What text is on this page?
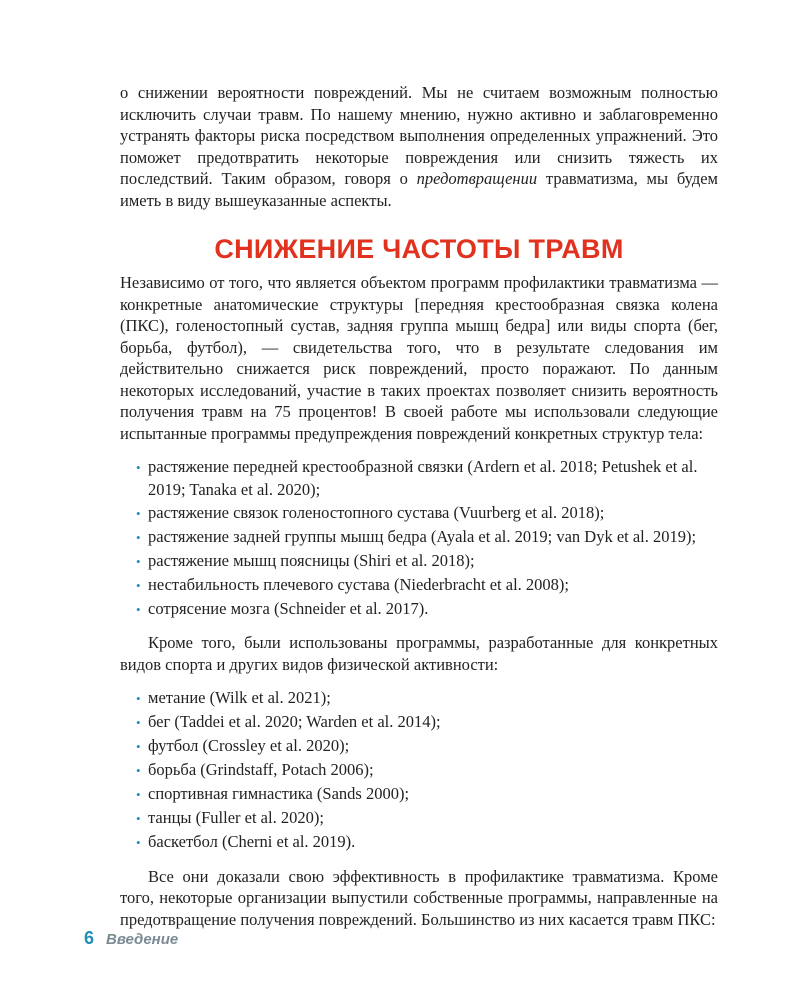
о снижении вероятности повреждений. Мы не считаем возможным полностью исключить случаи травм. По нашему мнению, нужно активно и заблаговременно устранять факторы риска посредством выполнения определенных упражнений. Это поможет предотвратить некоторые повреждения или снизить тяжесть их последствий. Таким образом, говоря о предотвращении травматизма, мы будем иметь в виду вышеуказанные аспекты.

СНИЖЕНИЕ ЧАСТОТЫ ТРАВМ

Независимо от того, что является объектом программ профилактики травматизма — конкретные анатомические структуры [передняя крестообразная связка колена (ПКС), голеностопный сустав, задняя группа мышц бедра] или виды спорта (бег, борьба, футбол), — свидетельства того, что в результате следования им действительно снижается риск повреждений, просто поражают. По данным некоторых исследований, участие в таких проектах позволяет снизить вероятность получения травм на 75 процентов! В своей работе мы использовали следующие испытанные программы предупреждения повреждений конкретных структур тела:

• растяжение передней крестообразной связки (Ardern et al. 2018; Petushek et al. 2019; Tanaka et al. 2020);
• растяжение связок голеностопного сустава (Vuurberg et al. 2018);
• растяжение задней группы мышц бедра (Ayala et al. 2019; van Dyk et al. 2019);
• растяжение мышц поясницы (Shiri et al. 2018);
• нестабильность плечевого сустава (Niederbracht et al. 2008);
• сотрясение мозга (Schneider et al. 2017).

Кроме того, были использованы программы, разработанные для конкретных видов спорта и других видов физической активности:

• метание (Wilk et al. 2021);
• бег (Taddei et al. 2020; Warden et al. 2014);
• футбол (Crossley et al. 2020);
• борьба (Grindstaff, Potach 2006);
• спортивная гимнастика (Sands 2000);
• танцы (Fuller et al. 2020);
• баскетбол (Cherni et al. 2019).

Все они доказали свою эффективность в профилактике травматизма. Кроме того, некоторые организации выпустили собственные программы, направленные на предотвращение получения повреждений. Большинство из них касается травм ПКС:

6 Введение
